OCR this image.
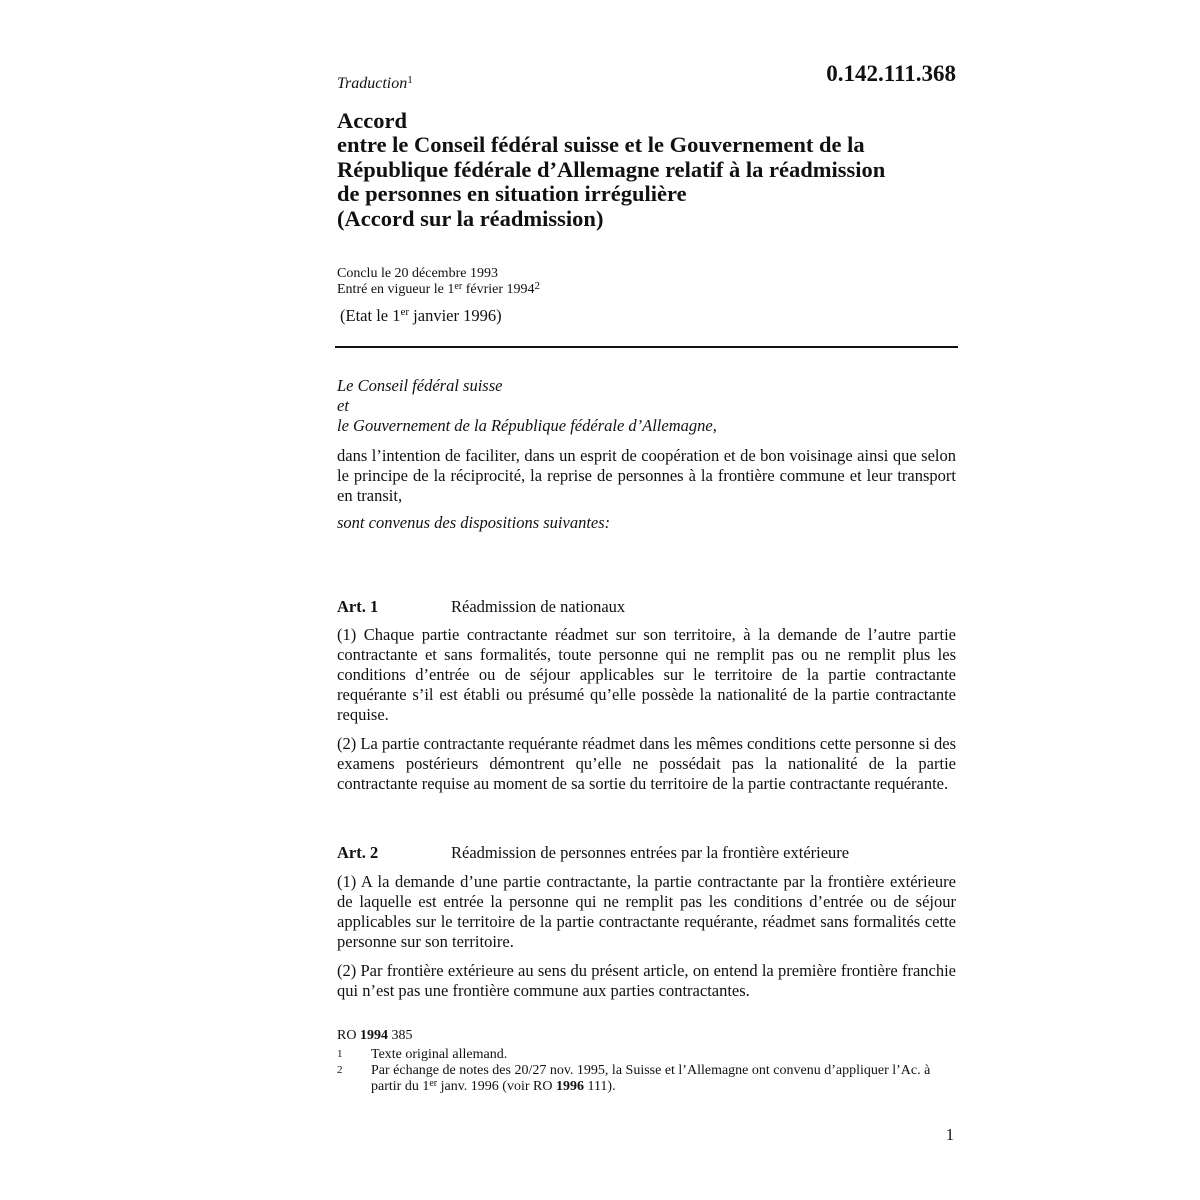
Traduction$^1$	0.142.111.368

Accord
entre le Conseil fédéral suisse et le Gouvernement de la
République fédérale d’Allemagne relatif à la réadmission
de personnes en situation irrégulière
(Accord sur la réadmission)
Conclu le 20 décembre 1993
Entré en vigueur le 1er février 1994$^2$

(Etat le 1er janvier 1996)

Le Conseil fédéral suisse
et
le Gouvernement de la République fédérale d’Allemagne,

dans l’intention de faciliter, dans un esprit de coopération et de bon voisinage ainsi que selon le principe de la réciprocité, la reprise de personnes à la frontière commune et leur transport en transit,

sont convenus des dispositions suivantes:

Art. 1	Réadmission de nationaux

(1) Chaque partie contractante réadmet sur son territoire, à la demande de l’autre partie contractante et sans formalités, toute personne qui ne remplit pas ou ne remplit plus les conditions d’entrée ou de séjour applicables sur le territoire de la partie contractante requérante s’il est établi ou présumé qu’elle possède la nationalité de la partie contractante requise.

(2) La partie contractante requérante réadmet dans les mêmes conditions cette personne si des examens postérieurs démontrent qu’elle ne possédait pas la nationalité de la partie contractante requise au moment de sa sortie du territoire de la partie contractante requérante.

Art. 2	Réadmission de personnes entrées par la frontière extérieure

(1) A la demande d’une partie contractante, la partie contractante par la frontière extérieure de laquelle est entrée la personne qui ne remplit pas les conditions d’entrée ou de séjour applicables sur le territoire de la partie contractante requérante, réadmet sans formalités cette personne sur son territoire.

(2) Par frontière extérieure au sens du présent article, on entend la première frontière franchie qui n’est pas une frontière commune aux parties contractantes.

RO 1994 385
1 Texte original allemand.
2 Par échange de notes des 20/27 nov. 1995, la Suisse et l’Allemagne ont convenu d’appliquer l’Ac. à partir du 1er janv. 1996 (voir RO 1996 111).

1
